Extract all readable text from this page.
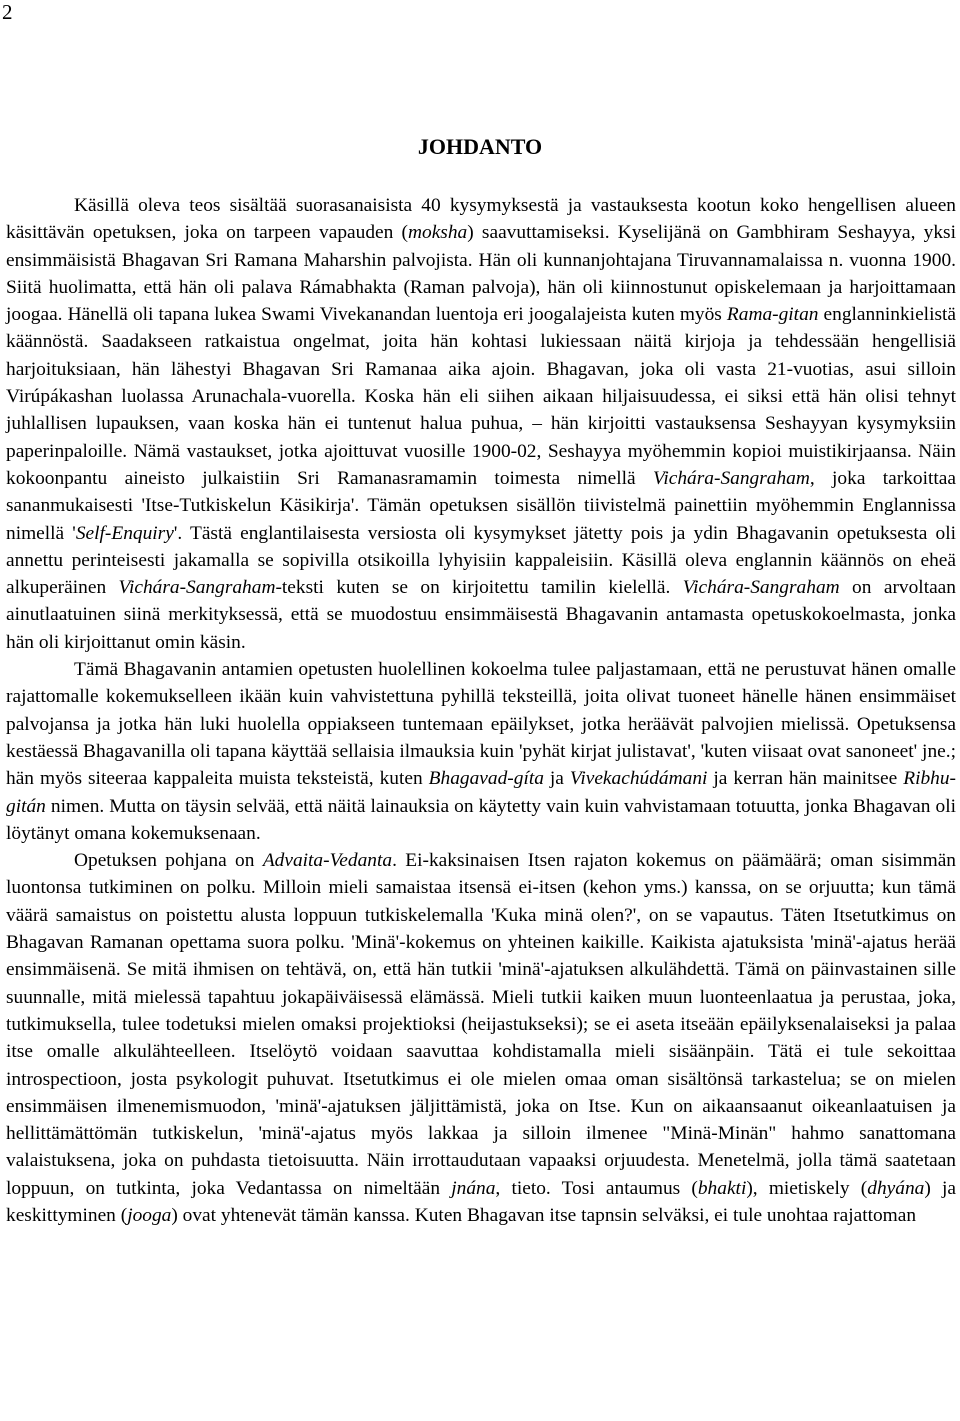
2
JOHDANTO

Käsillä oleva teos sisältää suorasanaisista 40 kysymyksestä ja vastauksesta kootun koko hengellisen alueen käsittävän opetuksen, joka on tarpeen vapauden (moksha) saavuttamiseksi. Kyselijänä on Gambhiram Seshayya, yksi ensimmäisistä Bhagavan Sri Ramana Maharshin palvojista. Hän oli kunnanjohtajana Tiruvannamalaissa n. vuonna 1900. Siitä huolimatta, että hän oli palava Rámabhakta (Raman palvoja), hän oli kiinnostunut opiskelemaan ja harjoittamaan joogaa. Hänellä oli tapana lukea Swami Vivekanandan luentoja eri joogalajeista kuten myös Rama-gitan englanninkielistä käännöstä. Saadakseen ratkaistua ongelmat, joita hän kohtasi lukiessaan näitä kirjoja ja tehdessään hengellisiä harjoituksiaan, hän lähestyi Bhagavan Sri Ramanaa aika ajoin. Bhagavan, joka oli vasta 21-vuotias, asui silloin Virúpákashan luolassa Arunachala-vuorella. Koska hän eli siihen aikaan hiljaisuudessa, ei siksi että hän olisi tehnyt juhlallisen lupauksen, vaan koska hän ei tuntenut halua puhua, – hän kirjoitti vastauksensa Seshayyan kysymyksiin paperinpaloille. Nämä vastaukset, jotka ajoittuvat vuosille 1900-02, Seshayya myöhemmin kopioi muistikirjaansa. Näin kokoonpantu aineisto julkaistiin Sri Ramanasramamin toimesta nimellä Vichára-Sangraham, joka tarkoittaa sananmukaisesti 'Itse-Tutkiskelun Käsikirja'. Tämän opetuksen sisällön tiivistelmä painettiin myöhemmin Englannissa nimellä 'Self-Enquiry'. Tästä englantilaisesta versiosta oli kysymykset jätetty pois ja ydin Bhagavanin opetuksesta oli annettu perinteisesti jakamalla se sopivilla otsikoilla lyhyisiin kappaleisiin. Käsillä oleva englannin käännös on eheä alkuperäinen Vichára-Sangraham-teksti kuten se on kirjoitettu tamilin kielellä. Vichára-Sangraham on arvoltaan ainutlaatuinen siinä merkityksessä, että se muodostuu ensimmäisestä Bhagavanin antamasta opetuskokoelmasta, jonka hän oli kirjoittanut omin käsin.

Tämä Bhagavanin antamien opetusten huolellinen kokoelma tulee paljastamaan, että ne perustuvat hänen omalle rajattomalle kokemukselleen ikään kuin vahvistettuna pyhillä teksteillä, joita olivat tuoneet hänelle hänen ensimmäiset palvojansa ja jotka hän luki huolella oppiakseen tuntemaan epäilykset, jotka heräävät palvojien mielissä. Opetuksensa kestäessä Bhagavanilla oli tapana käyttää sellaisia ilmauksia kuin 'pyhät kirjat julistavat', 'kuten viisaat ovat sanoneet' jne.; hän myös siteeraa kappaleita muista teksteistä, kuten Bhagavad-gíta ja Vivekachúdámani ja kerran hän mainitsee Ribhu-gitán nimen. Mutta on täysin selvää, että näitä lainauksia on käytetty vain kuin vahvistamaan totuutta, jonka Bhagavan oli löytänyt omana kokemuksenaan.

Opetuksen pohjana on Advaita-Vedanta. Ei-kaksinaisen Itsen rajaton kokemus on päämäärä; oman sisimmän luontonsa tutkiminen on polku. Milloin mieli samaistaa itsensä ei-itsen (kehon yms.) kanssa, on se orjuutta; kun tämä väärä samaistus on poistettu alusta loppuun tutkiskelemalla 'Kuka minä olen?', on se vapautus. Täten Itsetutkimus on Bhagavan Ramanan opettama suora polku. 'Minä'-kokemus on yhteinen kaikille. Kaikista ajatuksista 'minä'-ajatus herää ensimmäisenä. Se mitä ihmisen on tehtävä, on, että hän tutkii 'minä'-ajatuksen alkulähdettä. Tämä on päinvastainen sille suunnalle, mitä mielessä tapahtuu jokapäiväisessä elämässä. Mieli tutkii kaiken muun luonteenlaatua ja perustaa, joka, tutkimuksella, tulee todetuksi mielen omaksi projektioksi (heijastukseksi); se ei aseta itseään epäilyksenalaiseksi ja palaa itse omalle alkulähteelleen. Itselöytö voidaan saavuttaa kohdistamalla mieli sisäänpäin. Tätä ei tule sekoittaa introspectioon, josta psykologit puhuvat. Itsetutkimus ei ole mielen omaa oman sisältönsä tarkastelua; se on mielen ensimmäisen ilmenemismuodon, 'minä'-ajatuksen jäljittämistä, joka on Itse. Kun on aikaansaanut oikeanlaatuisen ja hellittämättömän tutkiskelun, 'minä'-ajatus myös lakkaa ja silloin ilmenee "Minä-Minän" hahmo sanattomana valaistuksena, joka on puhdasta tietoisuutta. Näin irrottaudutaan vapaaksi orjuudesta. Menetelmä, jolla tämä saatetaan loppuun, on tutkinta, joka Vedantassa on nimeltään jnána, tieto. Tosi antaumus (bhakti), mietiskely (dhyána) ja keskittyminen (jooga) ovat yhtenevät tämän kanssa. Kuten Bhagavan itse tapnsin selväksi, ei tule unohtaa rajattoman
